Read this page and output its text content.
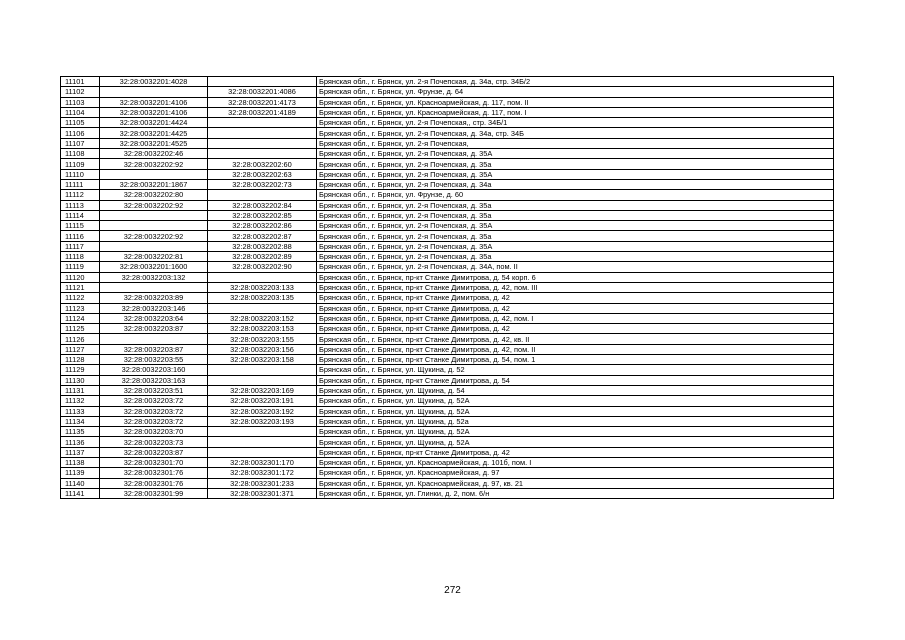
11101	32:28:0032201:4028		Брянская обл., г. Брянск, ул. 2-я Почепская, д. 34а, стр. 34Б/2
11102		32:28:0032201:4086	Брянская обл., г. Брянск, ул. Фрунзе, д. 64
11103	32:28:0032201:4106	32:28:0032201:4173	Брянская обл., г. Брянск, ул. Красноармейская, д. 117, пом. II
11104	32:28:0032201:4106	32:28:0032201:4189	Брянская обл., г. Брянск, ул. Красноармейская, д. 117, пом. I
11105	32:28:0032201:4424		Брянская обл., г. Брянск, ул. 2-я Почепская,, стр. 34Б/1
11106	32:28:0032201:4425		Брянская обл., г. Брянск, ул. 2-я Почепская, д. 34а, стр. 34Б
11107	32:28:0032201:4525		Брянская обл., г. Брянск, ул. 2-я Почепская,
11108	32:28:0032202:46		Брянская обл., г. Брянск, ул. 2-я Почепская, д. 35А
11109	32:28:0032202:92	32:28:0032202:60	Брянская обл., г. Брянск, ул. 2-я Почепская, д. 35а
11110		32:28:0032202:63	Брянская обл., г. Брянск, ул. 2-я Почепская, д. 35А
11111	32:28:0032201:1867	32:28:0032202:73	Брянская обл., г. Брянск, ул. 2-я Почепская, д. 34а
11112	32:28:0032202:80		Брянская обл., г. Брянск, ул. Фрунзе, д. 60
11113	32:28:0032202:92	32:28:0032202:84	Брянская обл., г. Брянск, ул. 2-я Почепская, д. 35а
11114		32:28:0032202:85	Брянская обл., г. Брянск, ул. 2-я Почепская, д. 35а
11115		32:28:0032202:86	Брянская обл., г. Брянск, ул. 2-я Почепская, д. 35А
11116	32:28:0032202:92	32:28:0032202:87	Брянская обл., г. Брянск, ул. 2-я Почепская, д. 35а
11117		32:28:0032202:88	Брянская обл., г. Брянск, ул. 2-я Почепская, д. 35А
11118	32:28:0032202:81	32:28:0032202:89	Брянская обл., г. Брянск, ул. 2-я Почепская, д. 35а
11119	32:28:0032201:1600	32:28:0032202:90	Брянская обл., г. Брянск, ул. 2-я Почепская, д. 34А, пом. II
11120	32:28:0032203:132		Брянская обл., г. Брянск, пр-кт Станке Димитрова, д. 54 корп. 6
11121		32:28:0032203:133	Брянская обл., г. Брянск, пр-кт Станке Димитрова, д. 42, пом. III
11122	32:28:0032203:89	32:28:0032203:135	Брянская обл., г. Брянск, пр-кт Станке Димитрова, д. 42
11123	32:28:0032203:146		Брянская обл., г. Брянск, пр-кт Станке Димитрова, д. 42
11124	32:28:0032203:64	32:28:0032203:152	Брянская обл., г. Брянск, пр-кт Станке Димитрова, д. 42, пом. I
11125	32:28:0032203:87	32:28:0032203:153	Брянская обл., г. Брянск, пр-кт Станке Димитрова, д. 42
11126		32:28:0032203:155	Брянская обл., г. Брянск, пр-кт Станке Димитрова, д. 42, кв. II
11127	32:28:0032203:87	32:28:0032203:156	Брянская обл., г. Брянск, пр-кт Станке Димитрова, д. 42, пом. II
11128	32:28:0032203:55	32:28:0032203:158	Брянская обл., г. Брянск, пр-кт Станке Димитрова, д. 54, пом. 1
11129	32:28:0032203:160		Брянская обл., г. Брянск, ул. Щукина, д. 52
11130	32:28:0032203:163		Брянская обл., г. Брянск, пр-кт Станке Димитрова, д. 54
11131	32:28:0032203:51	32:28:0032203:169	Брянская обл., г. Брянск, ул. Щукина, д. 54
11132	32:28:0032203:72	32:28:0032203:191	Брянская обл., г. Брянск, ул. Щукина, д. 52А
11133	32:28:0032203:72	32:28:0032203:192	Брянская обл., г. Брянск, ул. Щукина, д. 52А
11134	32:28:0032203:72	32:28:0032203:193	Брянская обл., г. Брянск, ул. Щукина, д. 52а
11135	32:28:0032203:70		Брянская обл., г. Брянск, ул. Щукина, д. 52А
11136	32:28:0032203:73		Брянская обл., г. Брянск, ул. Щукина, д. 52А
11137	32:28:0032203:87		Брянская обл., г. Брянск, пр-кт Станке Димитрова, д. 42
11138	32:28:0032301:70	32:28:0032301:170	Брянская обл., г. Брянск, ул. Красноармейская, д. 101б, пом. I
11139	32:28:0032301:76	32:28:0032301:172	Брянская обл., г. Брянск, ул. Красноармейская, д. 97
11140	32:28:0032301:76	32:28:0032301:233	Брянская обл., г. Брянск, ул. Красноармейская, д. 97, кв. 21
11141	32:28:0032301:99	32:28:0032301:371	Брянская обл., г. Брянск, ул. Глинки, д. 2, пом. 6/н
272
